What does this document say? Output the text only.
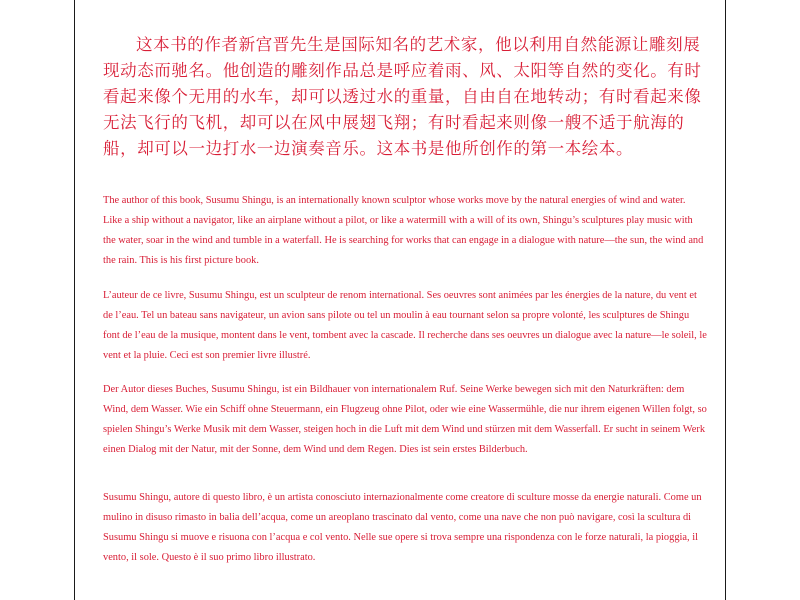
这本书的作者新宫晋先生是国际知名的艺术家，他以利用自然能源让雕刻展现动态而驰名。他创造的雕刻作品总是呼应着雨、风、太阳等自然的变化。有时看起来像个无用的水车，却可以透过水的重量，自由自在地转动；有时看起来像无法飞行的飞机，却可以在风中展翅飞翔；有时看起来则像一艘不适于航海的船，却可以一边打水一边演奏音乐。这本书是他所创作的第一本绘本。
The author of this book, Susumu Shingu, is an internationally known sculptor whose works move by the natural energies of wind and water. Like a ship without a navigator, like an airplane without a pilot, or like a watermill with a will of its own, Shingu’s sculptures play music with the water, soar in the wind and tumble in a waterfall. He is searching for works that can engage in a dialogue with nature—the sun, the wind and the rain. This is his first picture book.
L’auteur de ce livre, Susumu Shingu, est un sculpteur de renom international. Ses oeuvres sont animées par les énergies de la nature, du vent et de l’eau. Tel un bateau sans navigateur, un avion sans pilote ou tel un moulin à eau tournant selon sa propre volonté, les sculptures de Shingu font de l’eau de la musique, montent dans le vent, tombent avec la cascade. Il recherche dans ses oeuvres un dialogue avec la nature—le soleil, le vent et la pluie. Ceci est son premier livre illustré.
Der Autor dieses Buches, Susumu Shingu, ist ein Bildhauer von internationalem Ruf. Seine Werke bewegen sich mit den Naturkräften: dem Wind, dem Wasser. Wie ein Schiff ohne Steuermann, ein Flugzeug ohne Pilot, oder wie eine Wassermühle, die nur ihrem eigenen Willen folgt, so spielen Shingu’s Werke Musik mit dem Wasser, steigen hoch in die Luft mit dem Wind und stürzen mit dem Wasserfall. Er sucht in seinem Werk einen Dialog mit der Natur, mit der Sonne, dem Wind und dem Regen. Dies ist sein erstes Bilderbuch.
Susumu Shingu, autore di questo libro, è un artista conosciuto internazionalmente come creatore di sculture mosse da energie naturali. Come un mulino in disuso rimasto in balia dell’acqua, come un areoplano trascinato dal vento, come una nave che non può navigare, così la scultura di Susumu Shingu si muove e risuona con l’acqua e col vento. Nelle sue opere si trova sempre una rispondenza con le forze naturali, la pioggia, il vento, il sole. Questo è il suo primo libro illustrato.
